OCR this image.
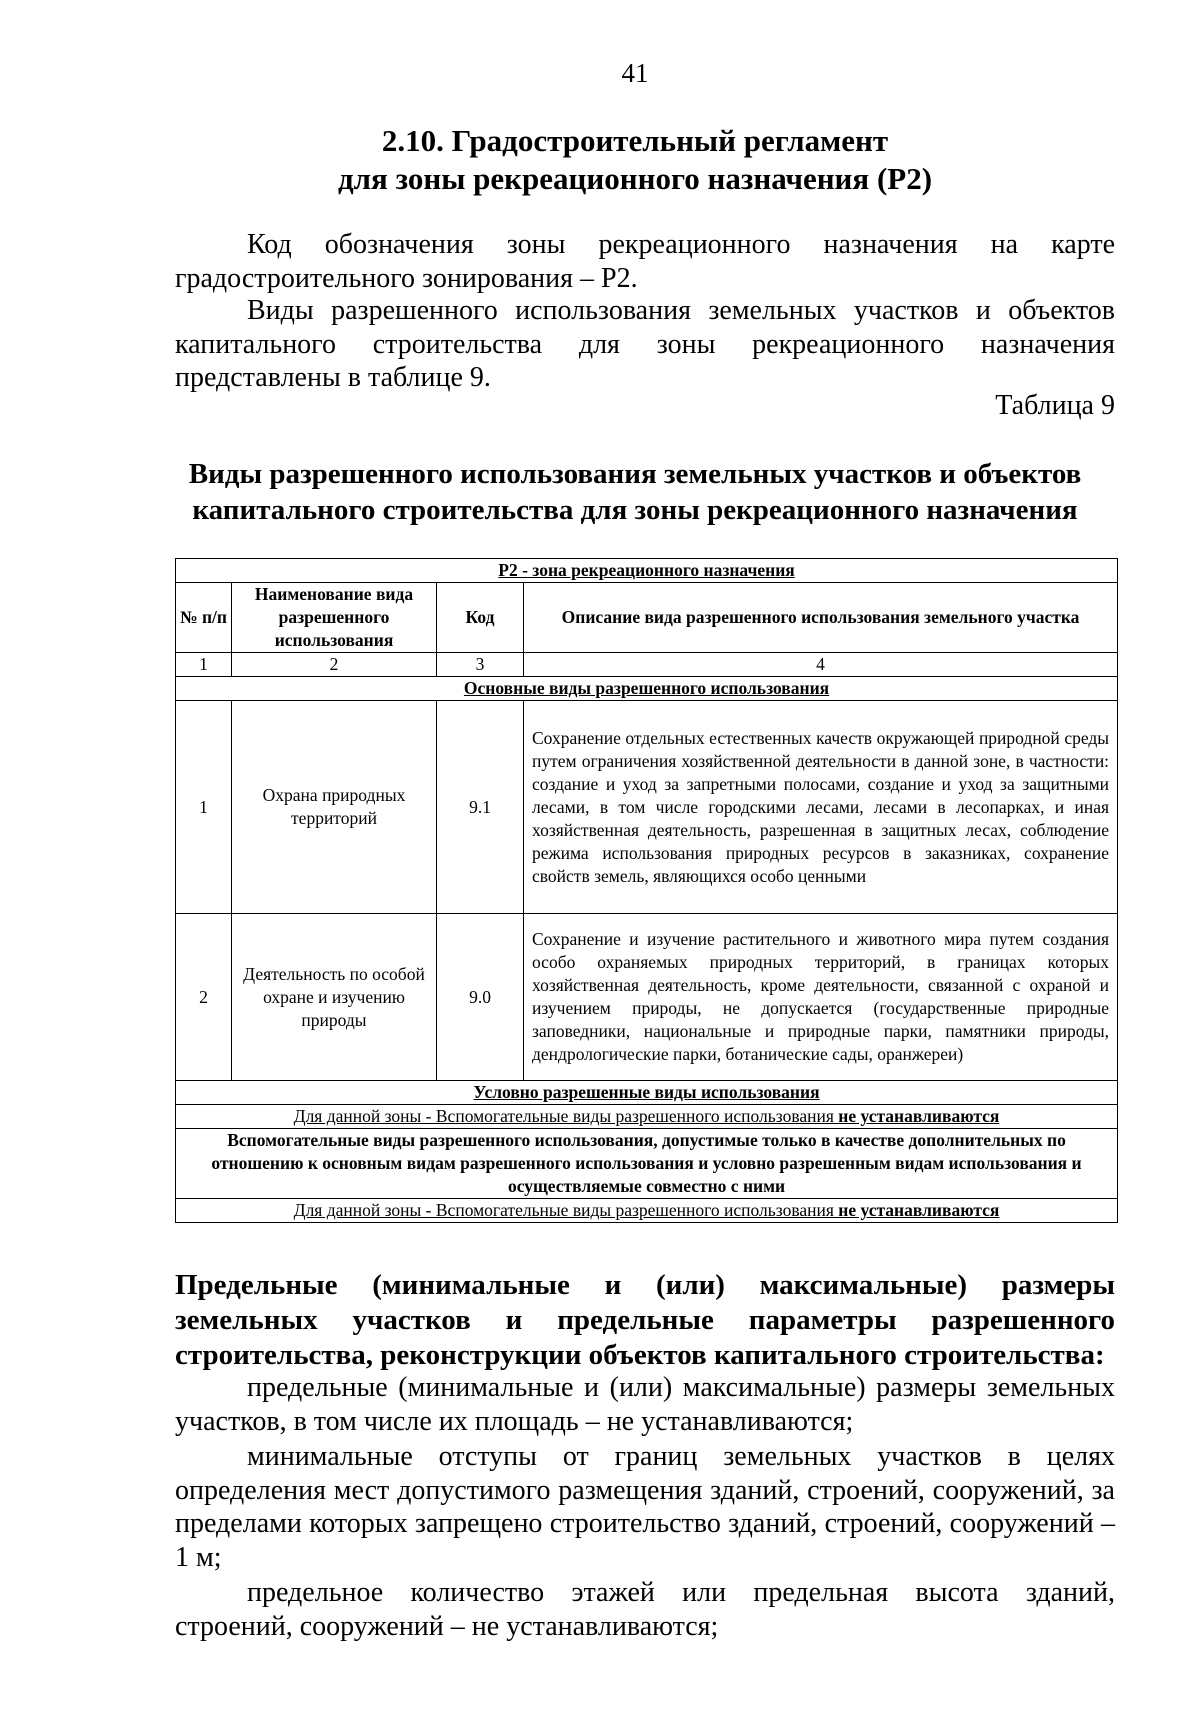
41
2.10. Градостроительный регламент
для зоны рекреационного назначения (Р2)
Код обозначения зоны рекреационного назначения на карте градостроительного зонирования – Р2.
Виды разрешенного использования земельных участков и объектов капитального строительства для зоны рекреационного назначения представлены в таблице 9.
Таблица 9
Виды разрешенного использования земельных участков и объектов
капитального строительства для зоны рекреационного назначения
Р2 - зона рекреационного назначения			
№ п/п	Наименование вида разрешенного использования	Код	Описание вида разрешенного использования земельного участка
1	2	3	4
Основные виды разрешенного использования			
1	Охрана природных территорий	9.1	Сохранение отдельных естественных качеств окружающей природной среды путем ограничения хозяйственной деятельности в данной зоне, в частности: создание и уход за запретными полосами, создание и уход за защитными лесами, в том числе городскими лесами, лесами в лесопарках, и иная хозяйственная деятельность, разрешенная в защитных лесах, соблюдение режима использования природных ресурсов в заказниках, сохранение свойств земель, являющихся особо ценными
2	Деятельность по особой охране и изучению природы	9.0	Сохранение и изучение растительного и животного мира путем создания особо охраняемых природных территорий, в границах которых хозяйственная деятельность, кроме деятельности, связанной с охраной и изучением природы, не допускается (государственные природные заповедники, национальные и природные парки, памятники природы, дендрологические парки, ботанические сады, оранжереи)
Условно разрешенные виды использования			
Для данной зоны - Вспомогательные виды разрешенного использования не устанавливаются			
Вспомогательные виды разрешенного использования, допустимые только в качестве дополнительных по отношению к основным видам разрешенного использования и условно разрешенным видам использования и осуществляемые совместно с ними			
Для данной зоны - Вспомогательные виды разрешенного использования не устанавливаются			
Предельные (минимальные и (или) максимальные) размеры земельных участков и предельные параметры разрешенного строительства, реконструкции объектов капитального строительства:
предельные (минимальные и (или) максимальные) размеры земельных участков, в том числе их площадь – не устанавливаются;
минимальные отступы от границ земельных участков в целях определения мест допустимого размещения зданий, строений, сооружений, за пределами которых запрещено строительство зданий, строений, сооружений – 1 м;
предельное количество этажей или предельная высота зданий, строений, сооружений – не устанавливаются;
